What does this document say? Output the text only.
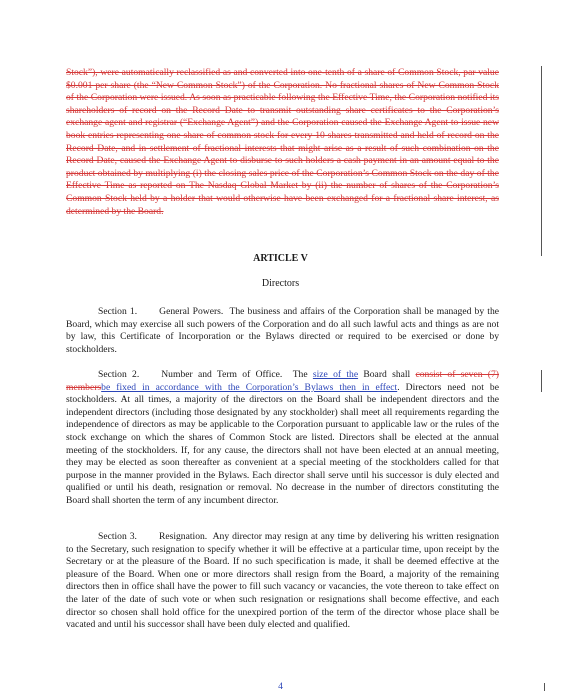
Stock”), were automatically reclassified as and converted into one-tenth of a share of Common Stock, par value $0.001 per share (the “New Common Stock”) of the Corporation. No fractional shares of New Common Stock of the Corporation were issued. As soon as practicable following the Effective Time, the Corporation notified its shareholders of record on the Record Date to transmit outstanding share certificates to the Corporation’s exchange agent and registrar (“Exchange Agent”) and the Corporation caused the Exchange Agent to issue new book entries representing one share of common stock for every 10 shares transmitted and held of record on the Record Date, and in settlement of fractional interests that might arise as a result of such combination on the Record Date, caused the Exchange Agent to disburse to such holders a cash payment in an amount equal to the product obtained by multiplying (i) the closing sales price of the Corporation’s Common Stock on the day of the Effective Time as reported on The Nasdaq Global Market by (ii) the number of shares of the Corporation’s Common Stock held by a holder that would otherwise have been exchanged for a fractional share interest, as determined by the Board.

ARTICLE V
Directors

Section 1. General Powers. The business and affairs of the Corporation shall be managed by the Board, which may exercise all such powers of the Corporation and do all such lawful acts and things as are not by law, this Certificate of Incorporation or the Bylaws directed or required to be exercised or done by stockholders.

Section 2. Number and Term of Office. The size of the Board shall consist of seven (7) membersbe fixed in accordance with the Corporation’s Bylaws then in effect. Directors need not be stockholders. At all times, a majority of the directors on the Board shall be independent directors and the independent directors (including those designated by any stockholder) shall meet all requirements regarding the independence of directors as may be applicable to the Corporation pursuant to applicable law or the rules of the stock exchange on which the shares of Common Stock are listed. Directors shall be elected at the annual meeting of the stockholders. If, for any cause, the directors shall not have been elected at an annual meeting, they may be elected as soon thereafter as convenient at a special meeting of the stockholders called for that purpose in the manner provided in the Bylaws. Each director shall serve until his successor is duly elected and qualified or until his death, resignation or removal. No decrease in the number of directors constituting the Board shall shorten the term of any incumbent director.

Section 3. Resignation. Any director may resign at any time by delivering his written resignation to the Secretary, such resignation to specify whether it will be effective at a particular time, upon receipt by the Secretary or at the pleasure of the Board. If no such specification is made, it shall be deemed effective at the pleasure of the Board. When one or more directors shall resign from the Board, a majority of the remaining directors then in office shall have the power to fill such vacancy or vacancies, the vote thereon to take effect on the later of the date of such vote or when such resignation or resignations shall become effective, and each director so chosen shall hold office for the unexpired portion of the term of the director whose place shall be vacated and until his successor shall have been duly elected and qualified.

4
